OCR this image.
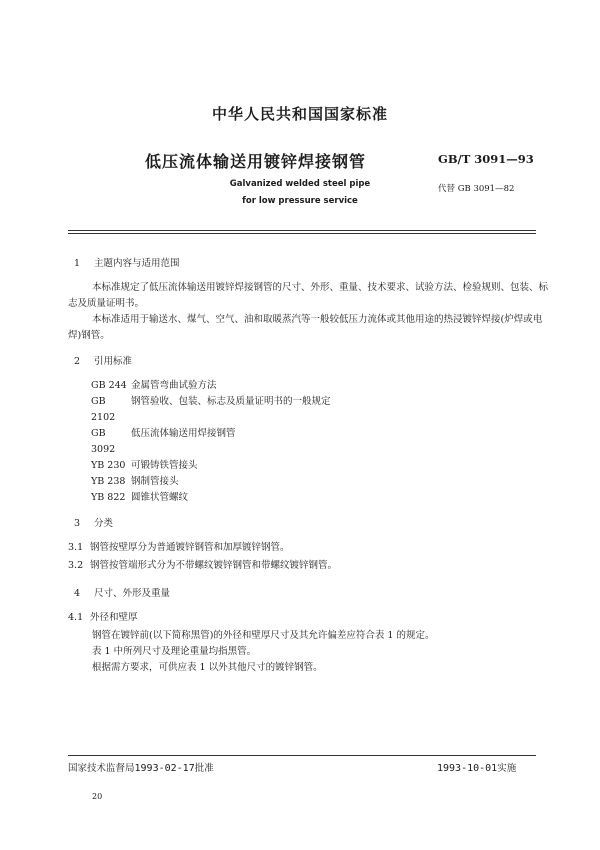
中华人民共和国国家标准
低压流体输送用镀锌焊接钢管	GB/T 3091—93
Galvanized welded steel pipe
for low pressure service
代替 GB 3091—82
1 主题内容与适用范围
本标准规定了低压流体输送用镀锌焊接钢管的尺寸、外形、重量、技术要求、试验方法、检验规则、包装、标志及质量证明书。
本标准适用于输送水、煤气、空气、油和取暖蒸汽等一般较低压力流体或其他用途的热浸镀锌焊接(炉焊或电焊)钢管。
2 引用标准
GB 244 金属管弯曲试验方法
GB 2102
钢管验收、包装、标志及质量证明书的一般规定
GB 3092
低压流体输送用焊接钢管
YB 230 可锻铸铁管接头
YB 238 钢制管接头
YB 822 圆锥状管螺纹
3 分类
3.1 钢管按壁厚分为普通镀锌钢管和加厚镀锌钢管。
3.2 钢管按管端形式分为不带螺纹镀锌钢管和带螺纹镀锌钢管。
4 尺寸、外形及重量
4.1 外径和壁厚
钢管在镀锌前(以下简称黑管)的外径和壁厚尺寸及其允许偏差应符合表 1 的规定。
表 1 中所列尺寸及理论重量均指黑管。
根据需方要求，可供应表 1 以外其他尺寸的镀锌钢管。
国家技术监督局1993-02-17批准	1993-10-01实施
20
